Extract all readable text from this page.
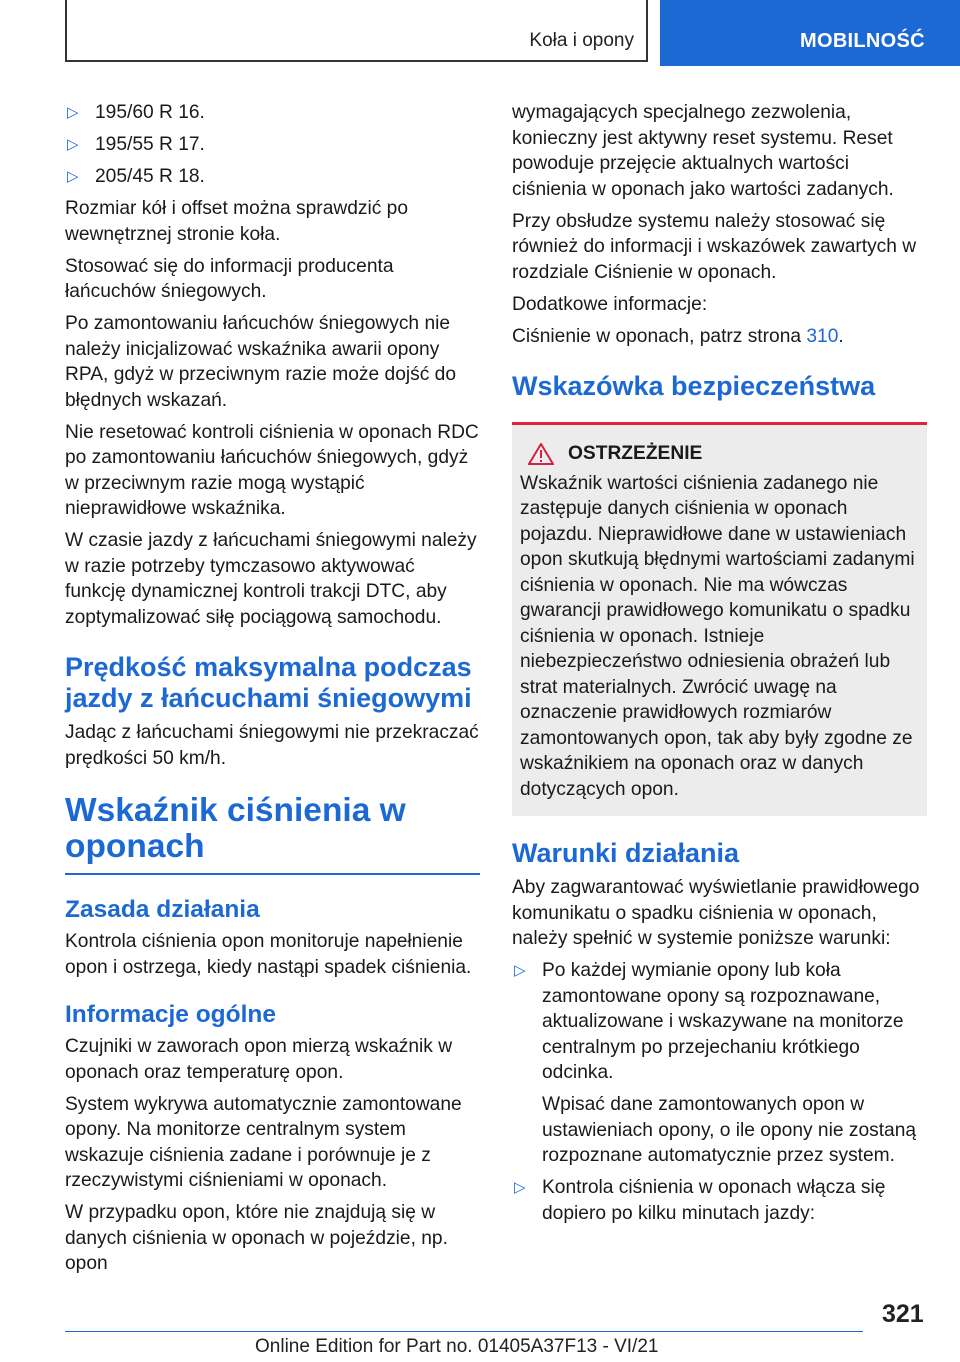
Koła i opony	MOBILNOŚĆ
▷ 195/60 R 16.
▷ 195/55 R 17.
▷ 205/45 R 18.

Rozmiar kół i offset można sprawdzić po wewnętrznej stronie koła.

Stosować się do informacji producenta łańcuchów śniegowych.

Po zamontowaniu łańcuchów śniegowych nie należy inicjalizować wskaźnika awarii opony RPA, gdyż w przeciwnym razie może dojść do błędnych wskazań.

Nie resetować kontroli ciśnienia w oponach RDC po zamontowaniu łańcuchów śniegowych, gdyż w przeciwnym razie mogą wystąpić nieprawidłowe wskaźnika.

W czasie jazdy z łańcuchami śniegowymi należy w razie potrzeby tymczasowo aktywować funkcję dynamicznej kontroli trakcji DTC, aby zoptymalizować siłę pociągową samochodu.

Prędkość maksymalna podczas jazdy z łańcuchami śniegowymi

Jadąc z łańcuchami śniegowymi nie przekraczać prędkości 50 km/h.

Wskaźnik ciśnienia w oponach
Zasada działania

Kontrola ciśnienia opon monitoruje napełnienie opon i ostrzega, kiedy nastąpi spadek ciśnienia.

Informacje ogólne

Czujniki w zaworach opon mierzą wskaźnik w oponach oraz temperaturę opon.

System wykrywa automatycznie zamontowane opony. Na monitorze centralnym system wskazuje ciśnienia zadane i porównuje je z rzeczywistymi ciśnieniami w oponach.

W przypadku opon, które nie znajdują się w danych ciśnienia w oponach w pojeździe, np. opon

wymagających specjalnego zezwolenia, konieczny jest aktywny reset systemu. Reset powoduje przejęcie aktualnych wartości ciśnienia w oponach jako wartości zadanych.

Przy obsłudze systemu należy stosować się również do informacji i wskazówek zawartych w rozdziale Ciśnienie w oponach.

Dodatkowe informacje:

Ciśnienie w oponach, patrz strona 310.

Wskazówka bezpieczeństwa
OSTRZEŻENIE

Wskaźnik wartości ciśnienia zadanego nie zastępuje danych ciśnienia w oponach pojazdu. Nieprawidłowe dane w ustawieniach opon skutkują błędnymi wartościami zadanymi ciśnienia w oponach. Nie ma wówczas gwarancji prawidłowego komunikatu o spadku ciśnienia w oponach. Istnieje niebezpieczeństwo odniesienia obrażeń lub strat materialnych. Zwrócić uwagę na oznaczenie prawidłowych rozmiarów zamontowanych opon, tak aby były zgodne ze wskaźnikiem na oponach oraz w danych dotyczących opon.

Warunki działania

Aby zagwarantować wyświetlanie prawidłowego komunikatu o spadku ciśnienia w oponach, należy spełnić w systemie poniższe warunki:

▷ Po każdej wymianie opony lub koła zamontowane opony są rozpoznawane, aktualizowane i wskazywane na monitorze centralnym po przejechaniu krótkiego odcinka.
Wpisać dane zamontowanych opon w ustawieniach opony, o ile opony nie zostaną rozpoznane automatycznie przez system.
▷ Kontrola ciśnienia w oponach włącza się dopiero po kilku minutach jazdy:
321
Online Edition for Part no. 01405A37F13 - VI/21
